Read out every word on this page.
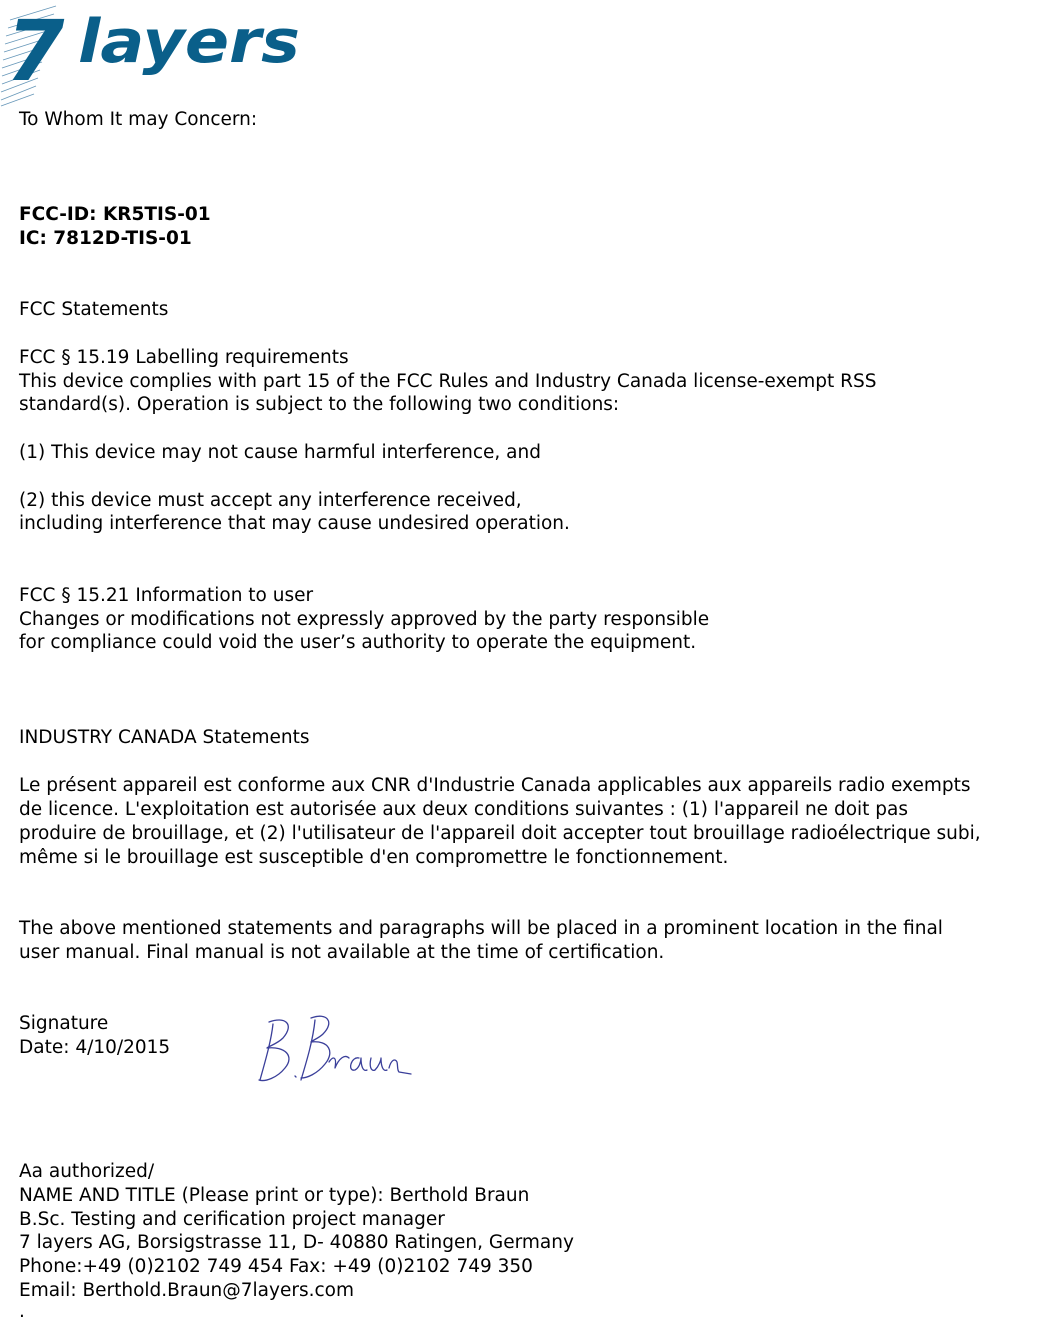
7 layers

To Whom It may Concern:

FCC-ID: KR5TIS-01

IC: 7812D-TIS-01

FCC Statements

FCC § 15.19 Labelling requirements

This device complies with part 15 of the FCC Rules and Industry Canada license-exempt RSS

standard(s). Operation is subject to the following two conditions:

(1) This device may not cause harmful interference, and

(2) this device must accept any interference received,

including interference that may cause undesired operation.

FCC § 15.21 Information to user

Changes or modifications not expressly approved by the party responsible

for compliance could void the user’s authority to operate the equipment.

INDUSTRY CANADA Statements

Le présent appareil est conforme aux CNR d'Industrie Canada applicables aux appareils radio exempts

de licence. L'exploitation est autorisée aux deux conditions suivantes : (1) l'appareil ne doit pas

produire de brouillage, et (2) l'utilisateur de l'appareil doit accepter tout brouillage radioélectrique subi,

même si le brouillage est susceptible d'en compromettre le fonctionnement.

The above mentioned statements and paragraphs will be placed in a prominent location in the final

user manual. Final manual is not available at the time of certification.

Signature

Date: 4/10/2015

Aa authorized/

NAME AND TITLE (Please print or type): Berthold Braun

B.Sc. Testing and cerification project manager

7 layers AG, Borsigstrasse 11, D- 40880 Ratingen, Germany

Phone:+49 (0)2102 749 454 Fax: +49 (0)2102 749 350

Email: Berthold.Braun@7layers.com

.
